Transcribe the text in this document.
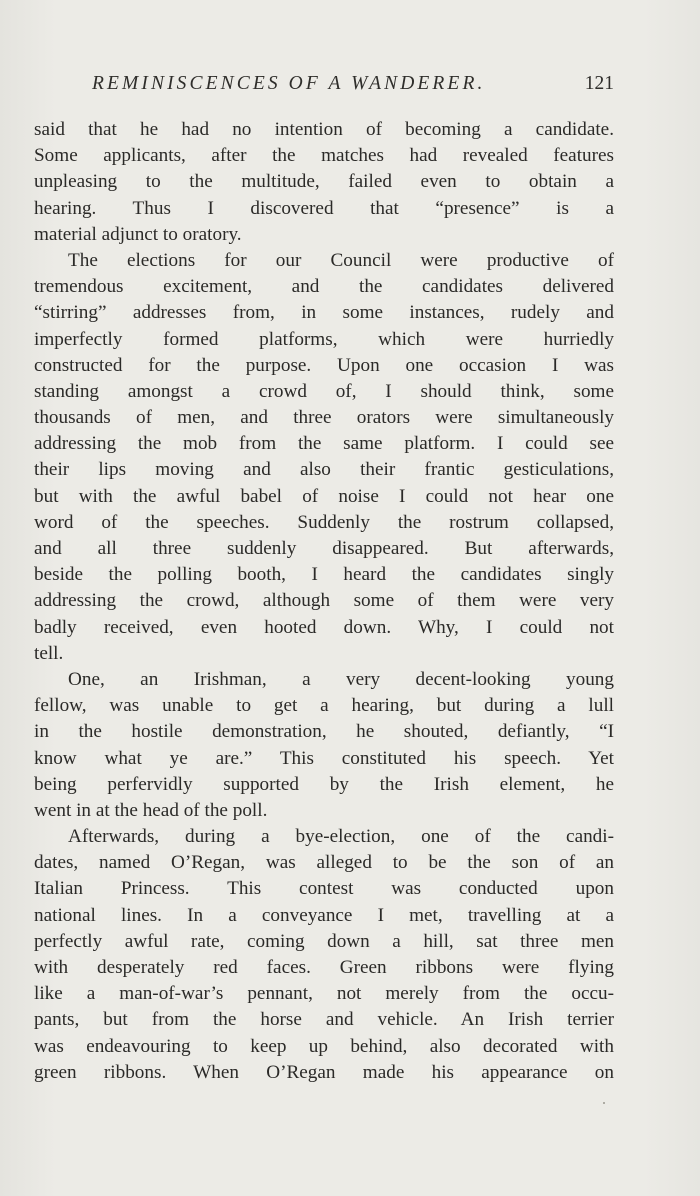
REMINISCENCES OF A WANDERER.	121
said that he had no intention of becoming a candidate.
Some applicants, after the matches had revealed features
unpleasing to the multitude, failed even to obtain a
hearing. Thus I discovered that “presence” is a
material adjunct to oratory.
The elections for our Council were productive of
tremendous excitement, and the candidates delivered
“stirring” addresses from, in some instances, rudely and
imperfectly formed platforms, which were hurriedly
constructed for the purpose. Upon one occasion I was
standing amongst a crowd of, I should think, some
thousands of men, and three orators were simultaneously
addressing the mob from the same platform. I could see
their lips moving and also their frantic gesticulations,
but with the awful babel of noise I could not hear one
word of the speeches. Suddenly the rostrum collapsed,
and all three suddenly disappeared. But afterwards,
beside the polling booth, I heard the candidates singly
addressing the crowd, although some of them were very
badly received, even hooted down. Why, I could not
tell.
One, an Irishman, a very decent-looking young
fellow, was unable to get a hearing, but during a lull
in the hostile demonstration, he shouted, defiantly, “I
know what ye are.” This constituted his speech. Yet
being perfervidly supported by the Irish element, he
went in at the head of the poll.
Afterwards, during a bye-election, one of the candi-
dates, named O’Regan, was alleged to be the son of an
Italian Princess. This contest was conducted upon
national lines. In a conveyance I met, travelling at a
perfectly awful rate, coming down a hill, sat three men
with desperately red faces. Green ribbons were flying
like a man-of-war’s pennant, not merely from the occu-
pants, but from the horse and vehicle. An Irish terrier
was endeavouring to keep up behind, also decorated with
green ribbons. When O’Regan made his appearance on
